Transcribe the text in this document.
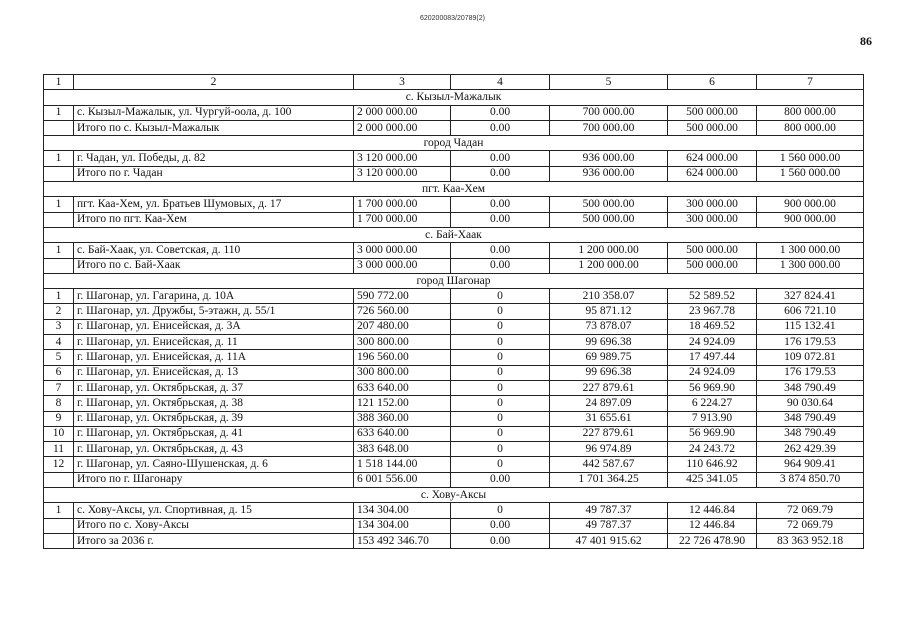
620200083/20789(2)
86
1	2	3	4	5	6	7
с. Кызыл-Мажалык						
1	с. Кызыл-Мажалык, ул. Чургуй-оола, д. 100	2 000 000.00	0.00	700 000.00	500 000.00	800 000.00
	Итого по с. Кызыл-Мажалык	2 000 000.00	0.00	700 000.00	500 000.00	800 000.00
город Чадан						
1	г. Чадан, ул. Победы, д. 82	3 120 000.00	0.00	936 000.00	624 000.00	1 560 000.00
	Итого по г. Чадан	3 120 000.00	0.00	936 000.00	624 000.00	1 560 000.00
пгт. Каа-Хем						
1	пгт. Каа-Хем, ул. Братьев Шумовых, д. 17	1 700 000.00	0.00	500 000.00	300 000.00	900 000.00
	Итого по пгт. Каа-Хем	1 700 000.00	0.00	500 000.00	300 000.00	900 000.00
с. Бай-Хаак						
1	с. Бай-Хаак, ул. Советская, д. 110	3 000 000.00	0.00	1 200 000.00	500 000.00	1 300 000.00
	Итого по с. Бай-Хаак	3 000 000.00	0.00	1 200 000.00	500 000.00	1 300 000.00
город Шагонар						
1	г. Шагонар, ул. Гагарина, д. 10А	590 772.00	0	210 358.07	52 589.52	327 824.41
2	г. Шагонар, ул. Дружбы, 5-этажн, д. 55/1	726 560.00	0	95 871.12	23 967.78	606 721.10
3	г. Шагонар, ул. Енисейская, д. 3А	207 480.00	0	73 878.07	18 469.52	115 132.41
4	г. Шагонар, ул. Енисейская, д. 11	300 800.00	0	99 696.38	24 924.09	176 179.53
5	г. Шагонар, ул. Енисейская, д. 11А	196 560.00	0	69 989.75	17 497.44	109 072.81
6	г. Шагонар, ул. Енисейская, д. 13	300 800.00	0	99 696.38	24 924.09	176 179.53
7	г. Шагонар, ул. Октябрьская, д. 37	633 640.00	0	227 879.61	56 969.90	348 790.49
8	г. Шагонар, ул. Октябрьская, д. 38	121 152.00	0	24 897.09	6 224.27	90 030.64
9	г. Шагонар, ул. Октябрьская, д. 39	388 360.00	0	31 655.61	7 913.90	348 790.49
10	г. Шагонар, ул. Октябрьская, д. 41	633 640.00	0	227 879.61	56 969.90	348 790.49
11	г. Шагонар, ул. Октябрьская, д. 43	383 648.00	0	96 974.89	24 243.72	262 429.39
12	г. Шагонар, ул. Саяно-Шушенская, д. 6	1 518 144.00	0	442 587.67	110 646.92	964 909.41
	Итого по г. Шагонару	6 001 556.00	0.00	1 701 364.25	425 341.05	3 874 850.70
с. Хову-Аксы						
1	с. Хову-Аксы, ул. Спортивная, д. 15	134 304.00	0	49 787.37	12 446.84	72 069.79
	Итого по с. Хову-Аксы	134 304.00	0.00	49 787.37	12 446.84	72 069.79
	Итого за 2036 г.	153 492 346.70	0.00	47 401 915.62	22 726 478.90	83 363 952.18
